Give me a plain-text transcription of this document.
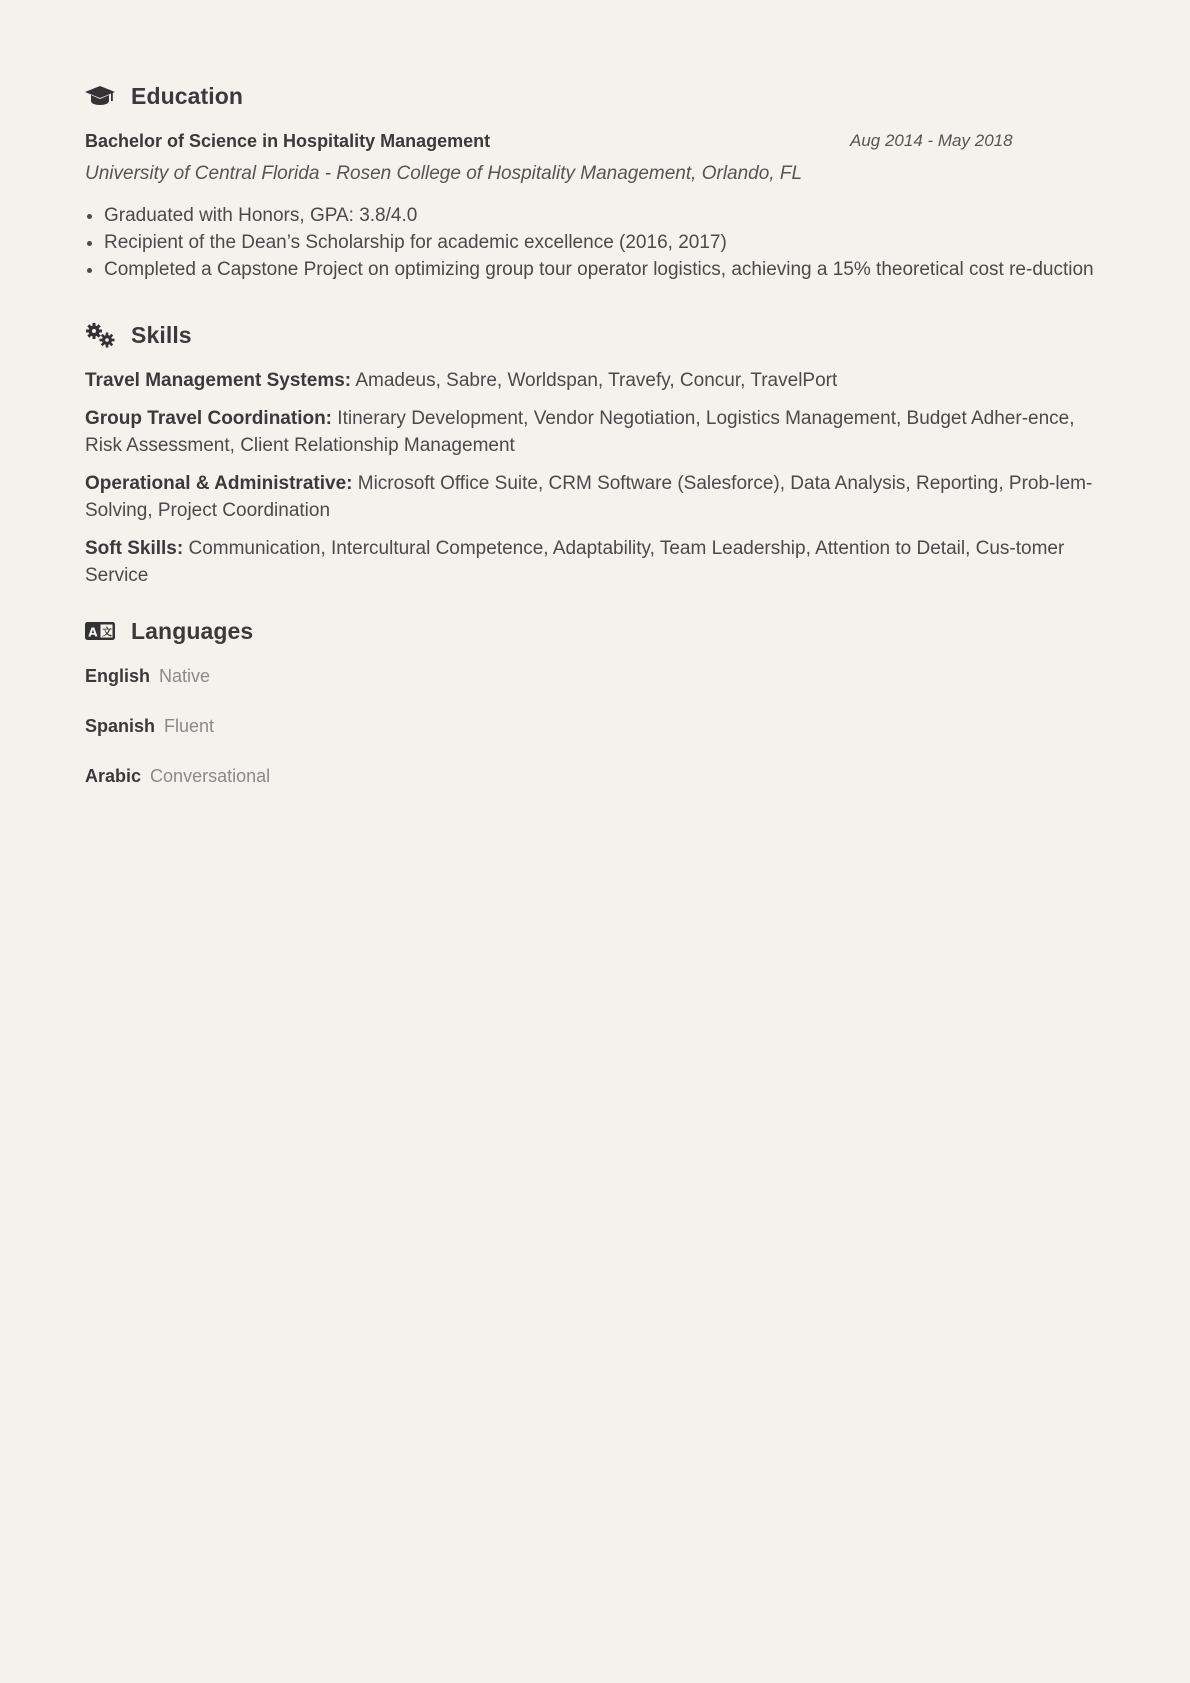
Education
Bachelor of Science in Hospitality Management	Aug 2014 - May 2018
University of Central Florida - Rosen College of Hospitality Management, Orlando, FL
• Graduated with Honors, GPA: 3.8/4.0
• Recipient of the Dean’s Scholarship for academic excellence (2016, 2017)
• Completed a Capstone Project on optimizing group tour operator logistics, achieving a 15% theoretical cost re-duction
Skills
Travel Management Systems: Amadeus, Sabre, Worldspan, Travefy, Concur, TravelPort
Group Travel Coordination: Itinerary Development, Vendor Negotiation, Logistics Management, Budget Adher-ence, Risk Assessment, Client Relationship Management
Operational & Administrative: Microsoft Office Suite, CRM Software (Salesforce), Data Analysis, Reporting, Prob-lem-Solving, Project Coordination
Soft Skills: Communication, Intercultural Competence, Adaptability, Team Leadership, Attention to Detail, Cus-tomer Service
A 文 Languages
English Native
Spanish Fluent
Arabic Conversational
